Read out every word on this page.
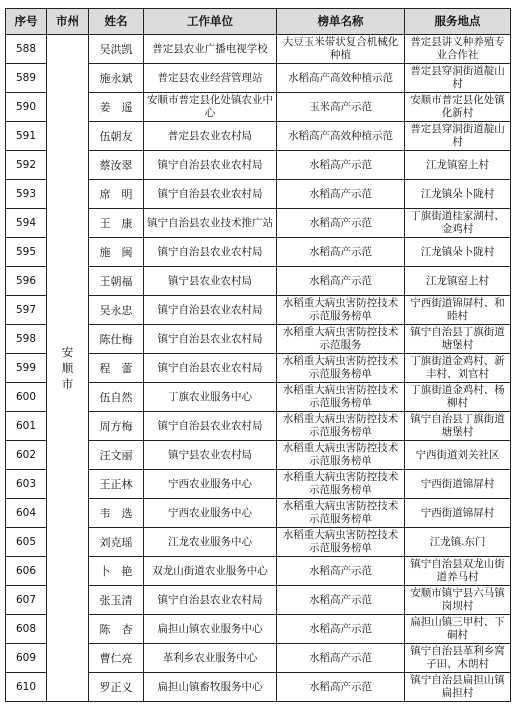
序号	市州	姓名	工作单位	榜单名称	服务地点
588	安顺市	吴洪凯	普定县农业广播电视学校	大豆玉米带状复合机械化种植	普定县讲义种养殖专业合作社
589		施永斌	普定县农业经营管理站	水稻高产高效种植示范	普定县穿洞街道靛山村
590		姜　遥	安顺市普定县化处镇农业中心	玉米高产示范	安顺市普定县化处镇化新村
591		伍朝友	普定县农业农村局	水稻高产高效种植示范	普定县穿洞街道靛山村
592		蔡汝翠	镇宁自治县农业农村局	水稻高产示范	江龙镇窑上村
593		席　明	镇宁自治县农业农村局	水稻高产示范	江龙镇朵卜陇村
594		王　康	镇宁自治县农业技术推广站	水稻高产示范	丁旗街道桂家湖村、金鸡村
595		施　闽	镇宁自治县农业农村局	水稻高产示范	江龙镇朵卜陇村
596		王朝福	镇宁县农业农村局	水稻高产示范	江龙镇窑上村
597		吴永忠	镇宁自治县农业农村局	水稻重大病虫害防控技术示范服务榜单	宁西街道锦屏村、和睦村
598		陈仕梅	镇宁自治县农业农村局	水稻重大病虫害防控技术示范服务	镇宁自治县丁旗街道塘堡村
599		程　蕾	镇宁自治县农业农村局	水稻重大病虫害防控技术示范服务榜单	丁旗街道金鸡村、新丰村、刘官村
600		伍自然	丁旗农业服务中心	水稻重大病虫害防控技术示范服务榜单	丁旗街道金鸡村、杨柳村
601		周方梅	镇宁自治县农业农村局	水稻重大病虫害防控技术示范服务榜单	镇宁自治县丁旗街道塘堡村
602		汪文丽	镇宁县农业农村局	水稻重大病虫害防控技术示范服务榜单	宁西街道刘关社区
603		王正林	宁西农业服务中心	水稻重大病虫害防控技术示范服务榜单	宁西街道锦屏村
604		韦　选	宁西农业服务中心	水稻重大病虫害防控技术示范服务榜单	宁西街道锦屏村
605		刘克瑶	江龙农业服务中心	水稻重大病虫害防控技术示范服务榜单	江龙镇.东门
606		卜　艳	双龙山街道农业服务中心	水稻高产示范	镇宁自治县双龙山街道养马村
607		张玉清	镇宁自治县农业农村局	水稻高产示范	安顺市镇宁县六马镇岗坝村
608		陈　杏	扁担山镇农业服务中心	水稻高产示范	扁担山镇三甲村、下硐村
609		曹仁亮	革利乡农业服务中心	水稻高产示范	镇宁自治县革利乡窝子田、木朗村
610		罗正义	扁担山镇畜牧服务中心	水稻高产示范	镇宁自治县扁担山镇扁担村
